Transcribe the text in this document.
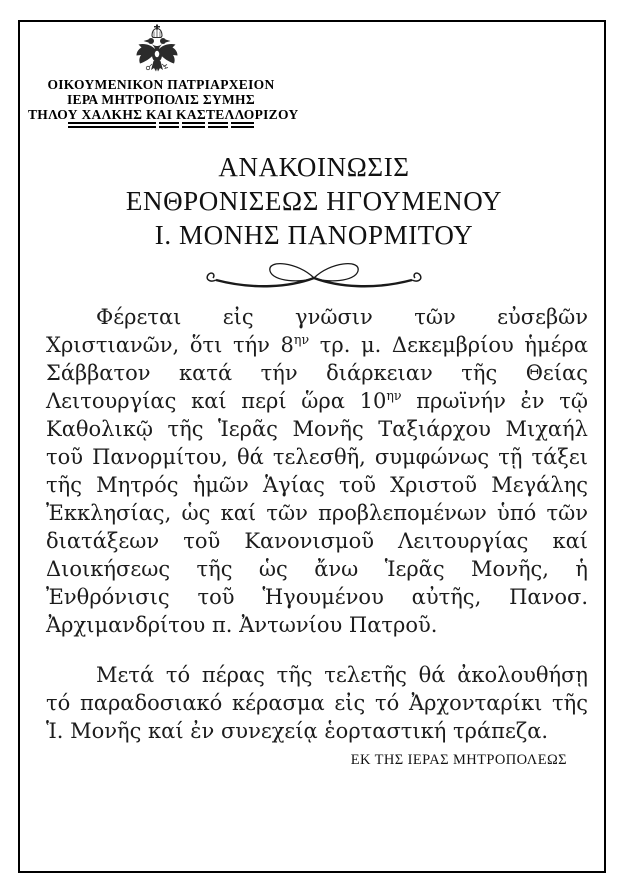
ΟΙΚΟΥΜΕΝΙΚΟΝ ΠΑΤΡΙΑΡΧΕΙΟΝ
ΙΕΡΑ ΜΗΤΡΟΠΟΛΙΣ ΣΥΜΗΣ
ΤΗΛΟΥ ΧΑΛΚΗΣ ΚΑΙ ΚΑΣΤΕΛΛΟΡΙΖΟΥ
ΑΝΑΚΟΙΝΩΣΙΣ
ΕΝΘΡΟΝΙΣΕΩΣ ΗΓΟΥΜΕΝΟΥ
Ι. ΜΟΝΗΣ ΠΑΝΟΡΜΙΤΟΥ

Φέρεται εἰς γνῶσιν τῶν εὐσεβῶν Χριστιανῶν, ὅτι τήν $8^{\eta\nu}$ τρ. μ. Δεκεμβρίου ἡμέρα Σάββατον κατά τήν διάρκειαν τῆς Θείας Λειτουργίας καί περί ὥρα $10^{\eta\nu}$ πρωϊνήν ἐν τῷ Καθολικῷ τῆς Ἱερᾶς Μονῆς Ταξιάρχου Μιχαήλ τοῦ Πανορμίτου, θά τελεσθῆ, συμφώνως τῇ τάξει τῆς Μητρός ἡμῶν Ἁγίας τοῦ Χριστοῦ Μεγάλης Ἐκκλησίας, ὡς καί τῶν προβλεπομένων ὑπό τῶν διατάξεων τοῦ Κανονισμοῦ Λειτουργίας καί Διοικήσεως τῆς ὡς ἄνω Ἱερᾶς Μονῆς, ἡ Ἐνθρόνισις τοῦ Ἡγουμένου αὐτῆς, Πανοσ. Ἀρχιμανδρίτου π. Ἀντωνίου Πατροῦ.

Μετά τό πέρας τῆς τελετῆς θά ἀκολουθήσῃ τό παραδοσιακό κέρασμα εἰς τό Ἀρχονταρίκι τῆς Ἱ. Μονῆς καί ἐν συνεχείᾳ ἑορταστική τράπεζα.

ΕΚ ΤΗΣ ΙΕΡΑΣ ΜΗΤΡΟΠΟΛΕΩΣ
